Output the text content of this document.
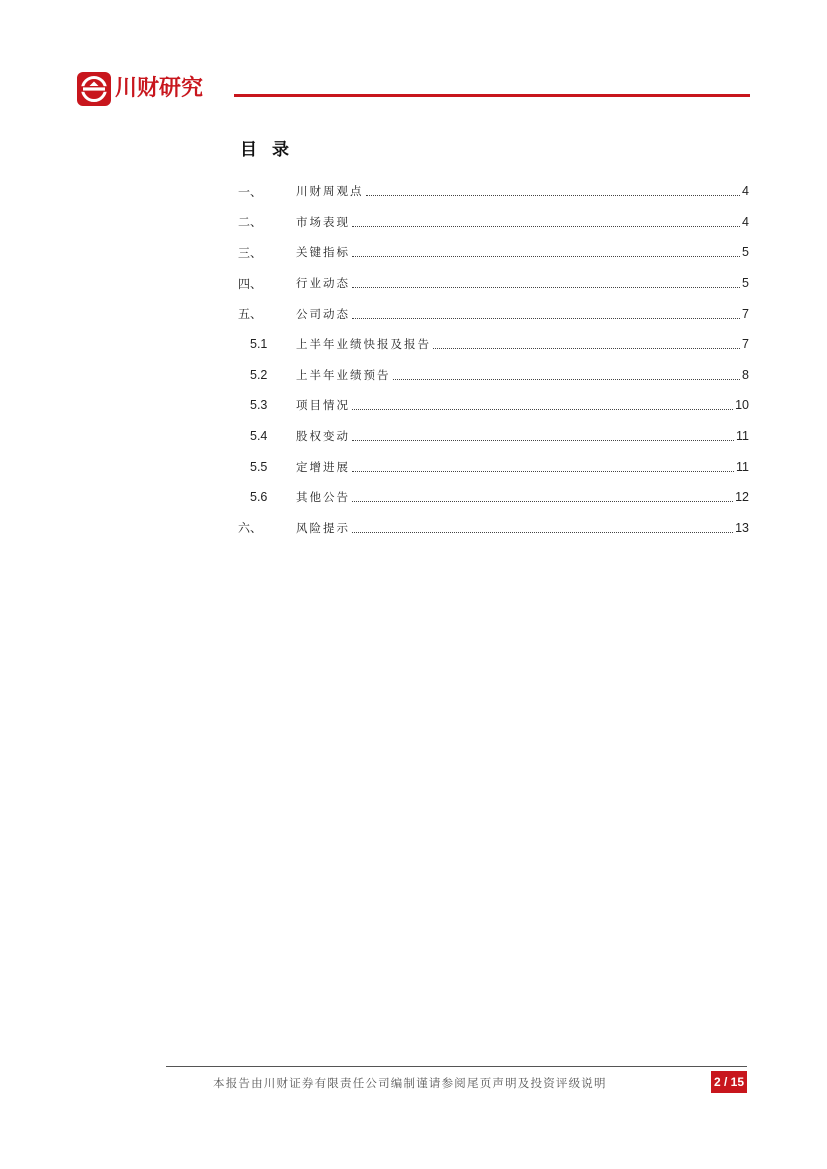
川财研究
目录
一、	川财周观点	4
二、	市场表现	4
三、	关键指标	5
四、	行业动态	5
五、	公司动态	7
5.1	上半年业绩快报及报告	7
5.2	上半年业绩预告	8
5.3	项目情况	10
5.4	股权变动	11
5.5	定增进展	11
5.6	其他公告	12
六、	风险提示	13
本报告由川财证券有限责任公司编制谨请参阅尾页声明及投资评级说明	2 / 15
